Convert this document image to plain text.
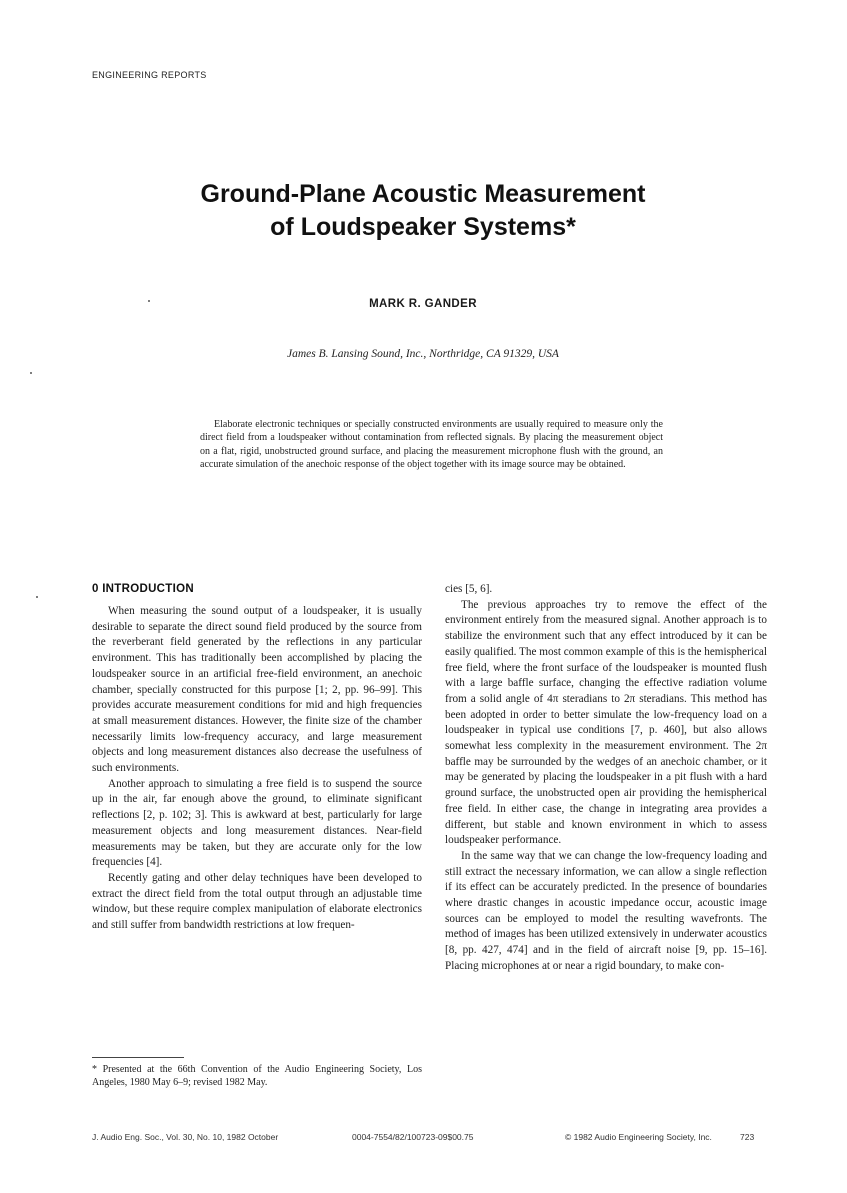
ENGINEERING REPORTS
Ground-Plane Acoustic Measurement
of Loudspeaker Systems*
MARK R. GANDER
James B. Lansing Sound, Inc., Northridge, CA 91329, USA
Elaborate electronic techniques or specially constructed environments are usually required to measure only the direct field from a loudspeaker without contamination from reflected signals. By placing the measurement object on a flat, rigid, unobstructed ground surface, and placing the measurement microphone flush with the ground, an accurate simulation of the anechoic response of the object together with its image source may be obtained.
0 INTRODUCTION

When measuring the sound output of a loudspeaker, it is usually desirable to separate the direct sound field produced by the source from the reverberant field generated by the reflections in any particular environment. This has traditionally been accomplished by placing the loudspeaker source in an artificial free-field environment, an anechoic chamber, specially constructed for this purpose [1; 2, pp. 96–99]. This provides accurate measurement conditions for mid and high frequencies at small measurement distances. However, the finite size of the chamber necessarily limits low-frequency accuracy, and large measurement objects and long measurement distances also decrease the usefulness of such environments.

Another approach to simulating a free field is to suspend the source up in the air, far enough above the ground, to eliminate significant reflections [2, p. 102; 3]. This is awkward at best, particularly for large measurement objects and long measurement distances. Near-field measurements may be taken, but they are accurate only for the low frequencies [4].

Recently gating and other delay techniques have been developed to extract the direct field from the total output through an adjustable time window, but these require complex manipulation of elaborate electronics and still suffer from bandwidth restrictions at low frequen-

cies [5, 6].

The previous approaches try to remove the effect of the environment entirely from the measured signal. Another approach is to stabilize the environment such that any effect introduced by it can be easily qualified. The most common example of this is the hemispherical free field, where the front surface of the loudspeaker is mounted flush with a large baffle surface, changing the effective radiation volume from a solid angle of 4π steradians to 2π steradians. This method has been adopted in order to better simulate the low-frequency load on a loudspeaker in typical use conditions [7, p. 460], but also allows somewhat less complexity in the measurement environment. The 2π baffle may be surrounded by the wedges of an anechoic chamber, or it may be generated by placing the loudspeaker in a pit flush with a hard ground surface, the unobstructed open air providing the hemispherical free field. In either case, the change in integrating area provides a different, but stable and known environment in which to assess loudspeaker performance.

In the same way that we can change the low-frequency loading and still extract the necessary information, we can allow a single reflection if its effect can be accurately predicted. In the presence of boundaries where drastic changes in acoustic impedance occur, acoustic image sources can be employed to model the resulting wavefronts. The method of images has been utilized extensively in underwater acoustics [8, pp. 427, 474] and in the field of aircraft noise [9, pp. 15–16]. Placing microphones at or near a rigid boundary, to make con-

* Presented at the 66th Convention of the Audio Engineering Society, Los Angeles, 1980 May 6–9; revised 1982 May.
J. Audio Eng. Soc., Vol. 30, No. 10, 1982 October	0004-7554/82/100723-09$00.75	© 1982 Audio Engineering Society, Inc.	723
